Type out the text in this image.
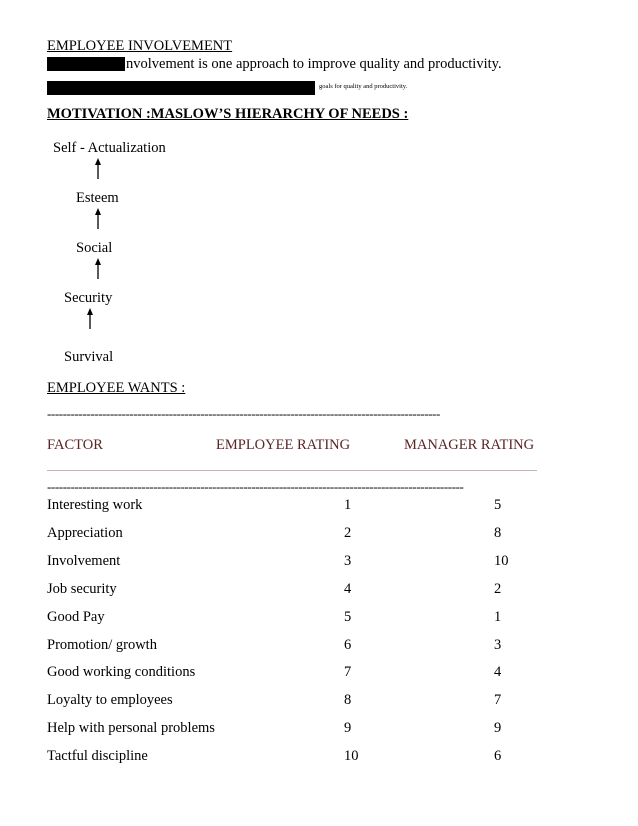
EMPLOYEE INVOLVEMENT
nvolvement is one approach to improve quality and productivity.
goals for quality and productivity.
MOTIVATION :MASLOW’S HIERARCHY OF NEEDS :
Self - Actualization
Esteem
Social
Security
Survival
EMPLOYEE WANTS :
----------------------------------------------------------------------------------------------------
FACTOR	EMPLOYEE RATING	MANAGER RATING
----------------------------------------------------------------------------------------------------------
Interesting work	1	5
Appreciation	2	8
Involvement	3	10
Job security	4	2
Good Pay	5	1
Promotion/ growth	6	3
Good working conditions	7	4
Loyalty to employees	8	7
Help with personal problems	9	9
Tactful discipline	10	6
